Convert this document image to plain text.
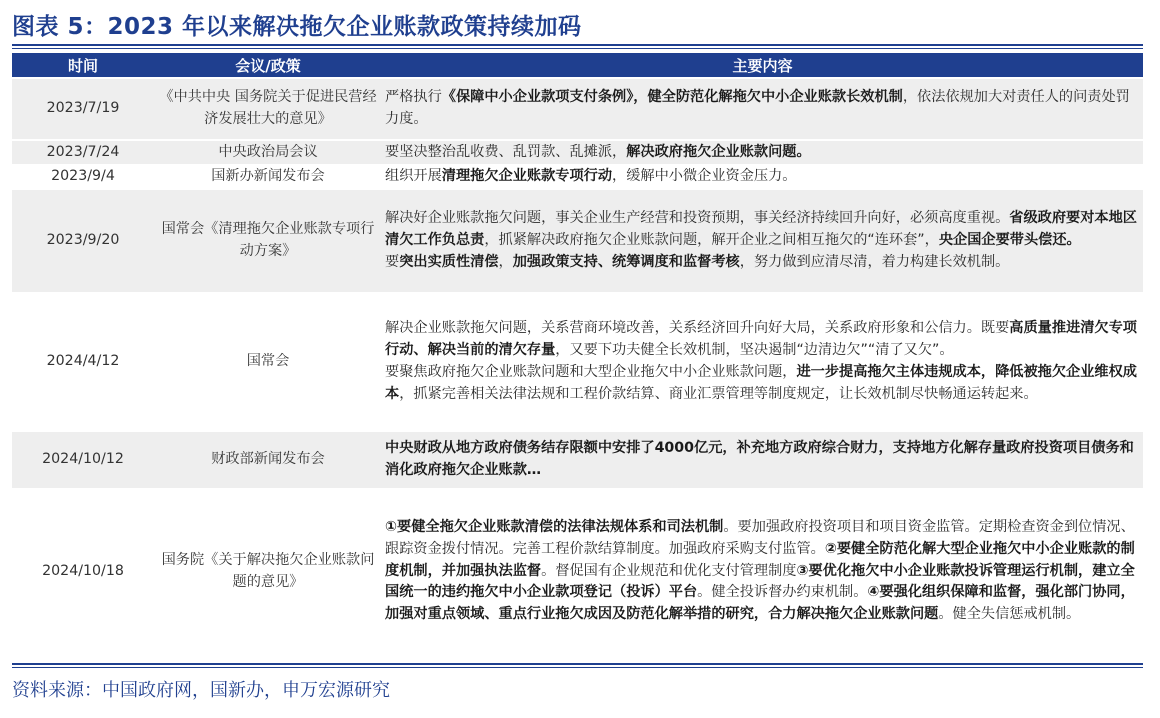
图表 5：2023 年以来解决拖欠企业账款政策持续加码
时间	会议/政策	主要内容
2023/7/19	《中共中央 国务院关于促进民营经济发展壮大的意见》	严格执行《保障中小企业款项支付条例》，健全防范化解拖欠中小企业账款长效机制，依法依规加大对责任人的问责处罚力度。
2023/7/24	中央政治局会议	要坚决整治乱收费、乱罚款、乱摊派，解决政府拖欠企业账款问题。
2023/9/4	国新办新闻发布会	组织开展清理拖欠企业账款专项行动，缓解中小微企业资金压力。
2023/9/20	国常会《清理拖欠企业账款专项行动方案》	解决好企业账款拖欠问题，事关企业生产经营和投资预期，事关经济持续回升向好，必须高度重视。省级政府要对本地区清欠工作负总责，抓紧解决政府拖欠企业账款问题，解开企业之间相互拖欠的“连环套”，央企国企要带头偿还。
要突出实质性清偿，加强政策支持、统筹调度和监督考核，努力做到应清尽清，着力构建长效机制。
2024/4/12	国常会	解决企业账款拖欠问题，关系营商环境改善，关系经济回升向好大局，关系政府形象和公信力。既要高质量推进清欠专项行动、解决当前的清欠存量，又要下功夫健全长效机制，坚决遏制“边清边欠”“清了又欠”。
要聚焦政府拖欠企业账款问题和大型企业拖欠中小企业账款问题，进一步提高拖欠主体违规成本，降低被拖欠企业维权成本，抓紧完善相关法律法规和工程价款结算、商业汇票管理等制度规定，让长效机制尽快畅通运转起来。
2024/10/12	财政部新闻发布会	中央财政从地方政府债务结存限额中安排了4000亿元，补充地方政府综合财力，支持地方化解存量政府投资项目债务和消化政府拖欠企业账款…
2024/10/18	国务院《关于解决拖欠企业账款问题的意见》	①要健全拖欠企业账款清偿的法律法规体系和司法机制。要加强政府投资项目和项目资金监管。定期检查资金到位情况、跟踪资金拨付情况。完善工程价款结算制度。加强政府采购支付监管。②要健全防范化解大型企业拖欠中小企业账款的制度机制，并加强执法监督。督促国有企业规范和优化支付管理制度③要优化拖欠中小企业账款投诉管理运行机制，建立全国统一的违约拖欠中小企业款项登记（投诉）平台。健全投诉督办约束机制。④要强化组织保障和监督，强化部门协同，加强对重点领域、重点行业拖欠成因及防范化解举措的研究，合力解决拖欠企业账款问题。健全失信惩戒机制。
资料来源：中国政府网，国新办，申万宏源研究
